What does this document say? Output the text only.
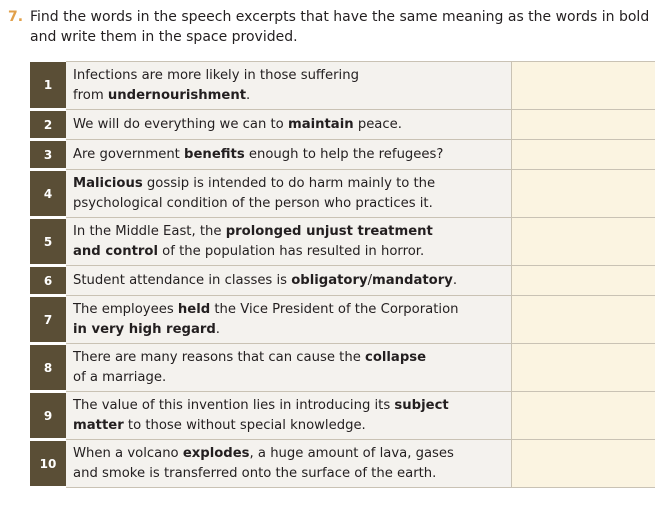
7. Find the words in the speech excerpts that have the same meaning as the words in bold and write them in the space provided.
1	Infections are more likely in those suffering
from undernourishment.	
2	We will do everything we can to maintain peace.	
3	Are government benefits enough to help the refugees?	
4	Malicious gossip is intended to do harm mainly to the
psychological condition of the person who practices it.	
5	In the Middle East, the prolonged unjust treatment
and control of the population has resulted in horror.	
6	Student attendance in classes is obligatory/mandatory.	
7	The employees held the Vice President of the Corporation
in very high regard.	
8	There are many reasons that can cause the collapse
of a marriage.	
9	The value of this invention lies in introducing its subject
matter to those without special knowledge.	
10	When a volcano explodes, a huge amount of lava, gases
and smoke is transferred onto the surface of the earth.	
